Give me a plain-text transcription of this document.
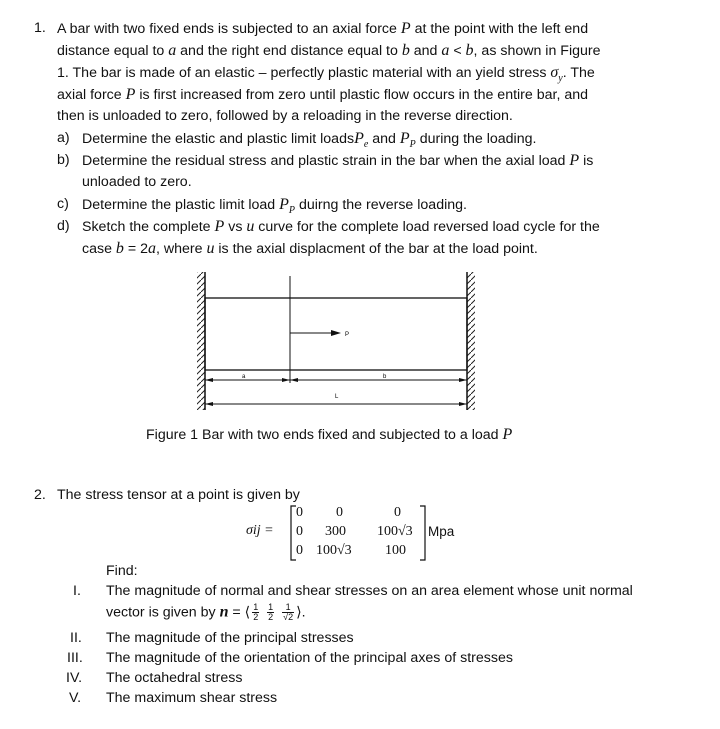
1. A bar with two fixed ends is subjected to an axial force P at the point with the left end
distance equal to a and the right end distance equal to b and a < b, as shown in Figure
1. The bar is made of an elastic – perfectly plastic material with an yield stress $\sigma_y$. The
axial force P is first increased from zero until plastic flow occurs in the entire bar, and
then is unloaded to zero, followed by a reloading in the reverse direction.
a) Determine the elastic and plastic limit loadsP$_e$ and $P_P$ during the loading.
b) Determine the residual stress and plastic strain in the bar when the axial load P is
unloaded to zero.
c) Determine the plastic limit load $P_P$ duirng the reverse loading.
d) Sketch the complete P vs u curve for the complete load reversed load cycle for the
case b = 2a, where u is the axial displacment of the bar at the load point.
P
a	b
L
Figure 1 Bar with two ends fixed and subjected to a load P
2. The stress tensor at a point is given by
σij =
0 0	0
0 300 100√3
0 100√3 100
Mpa
Find:
I. The magnitude of normal and shear stresses on an area element whose unit normal
vector is given by n = ⟨ $\frac{1}{2}$
$\frac{1}{2}$
$\frac{1}{√2}$ ⟩.
II. The magnitude of the principal stresses
III. The magnitude of the orientation of the principal axes of stresses
IV. The octahedral stress
V. The maximum shear stress
